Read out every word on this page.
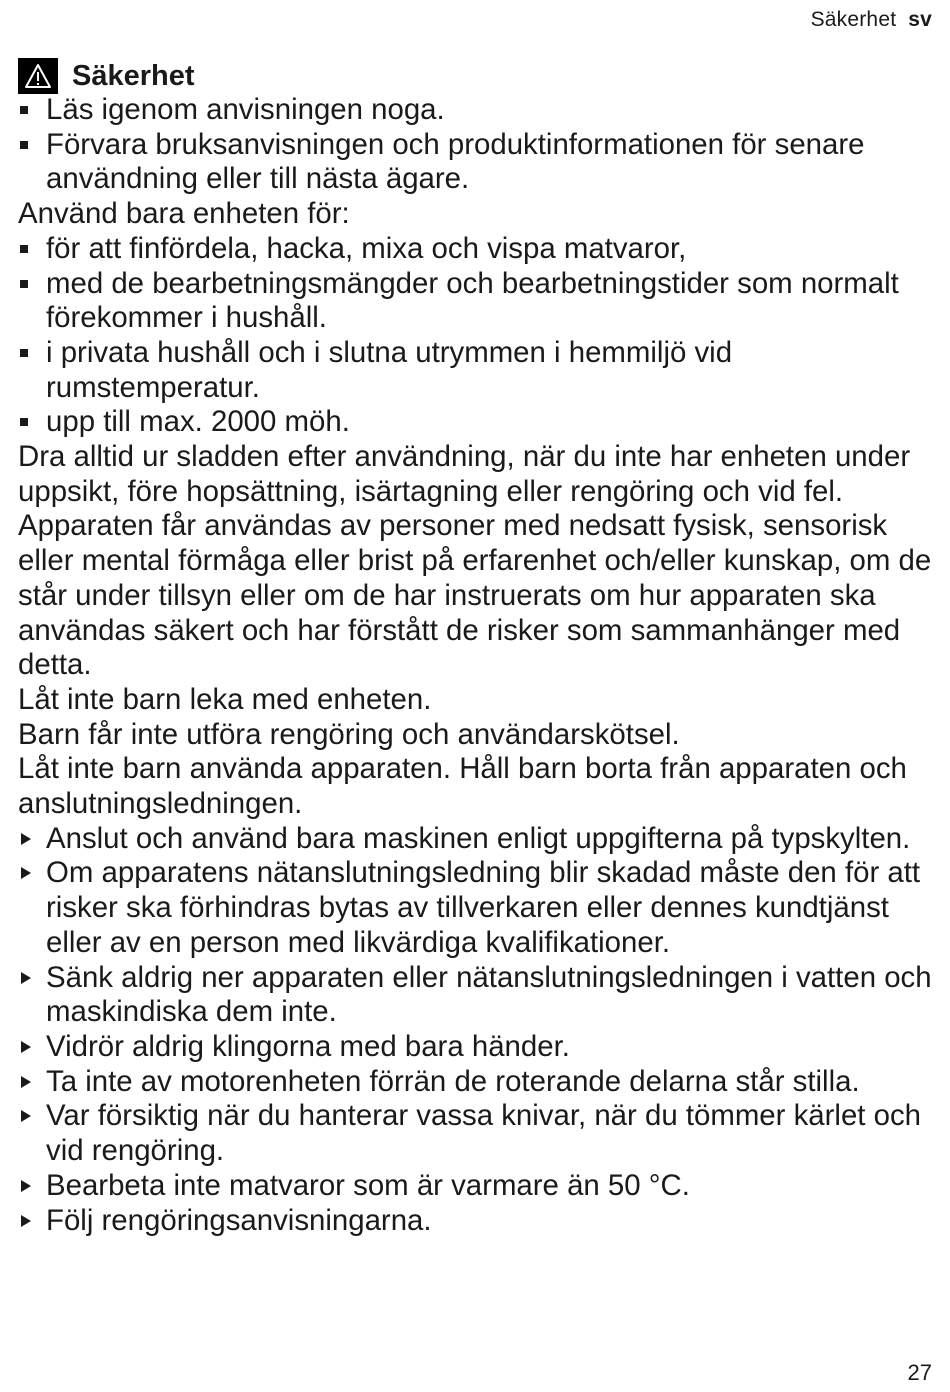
Säkerhet sv
Säkerhet
Läs igenom anvisningen noga.
Förvara bruksanvisningen och produktinformationen för senare användning eller till nästa ägare.

Använd bara enheten för:

för att finfördela, hacka, mixa och vispa matvaror,
med de bearbetningsmängder och bearbetningstider som normalt förekommer i hushåll.
i privata hushåll och i slutna utrymmen i hemmiljö vid rumstemperatur.
upp till max. 2000 möh.

Dra alltid ur sladden efter användning, när du inte har enheten under uppsikt, före hopsättning, isärtagning eller rengöring och vid fel.

Apparaten får användas av personer med nedsatt fysisk, sensorisk eller mental förmåga eller brist på erfarenhet och/eller kunskap, om de står under tillsyn eller om de har instruerats om hur apparaten ska användas säkert och har förstått de risker som sammanhänger med detta.

Låt inte barn leka med enheten.

Barn får inte utföra rengöring och användarskötsel.

Låt inte barn använda apparaten. Håll barn borta från apparaten och anslutningsledningen.

Anslut och använd bara maskinen enligt uppgifterna på typskylten.
Om apparatens nätanslutningsledning blir skadad måste den för att risker ska förhindras bytas av tillverkaren eller dennes kundtjänst eller av en person med likvärdiga kvalifikationer.
Sänk aldrig ner apparaten eller nätanslutningsledningen i vatten och maskindiska dem inte.
Vidrör aldrig klingorna med bara händer.
Ta inte av motorenheten förrän de roterande delarna står stilla.
Var försiktig när du hanterar vassa knivar, när du tömmer kärlet och vid rengöring.
Bearbeta inte matvaror som är varmare än 50 °C.
Följ rengöringsanvisningarna.
27
